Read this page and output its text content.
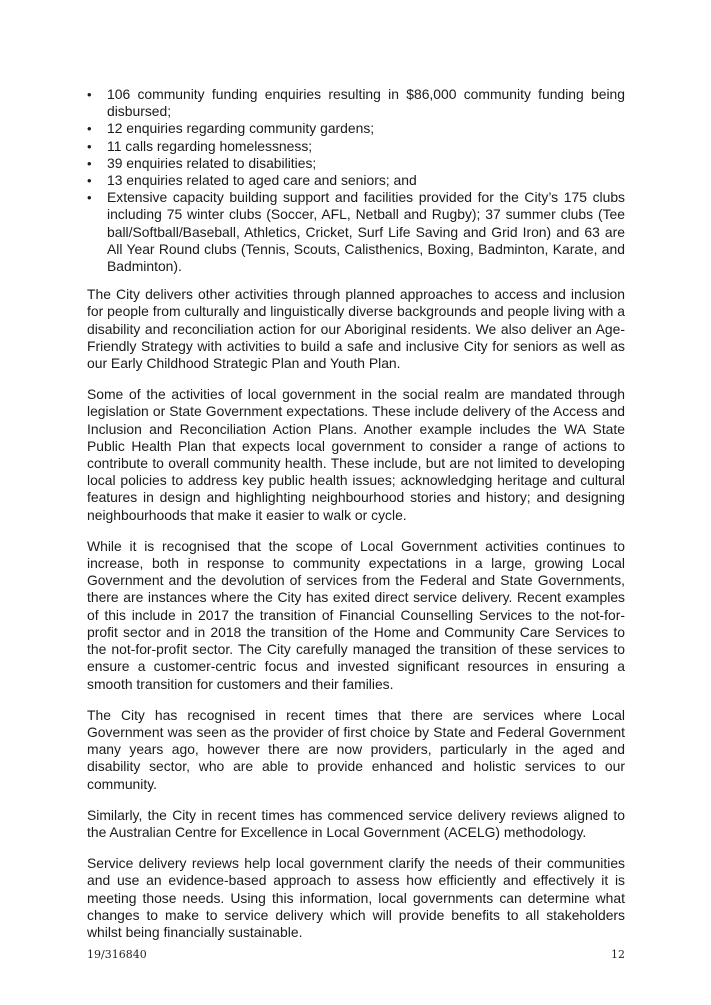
• 106 community funding enquiries resulting in $86,000 community funding being disbursed;
• 12 enquiries regarding community gardens;
• 11 calls regarding homelessness;
• 39 enquiries related to disabilities;
• 13 enquiries related to aged care and seniors; and
• Extensive capacity building support and facilities provided for the City’s 175 clubs including 75 winter clubs (Soccer, AFL, Netball and Rugby); 37 summer clubs (Tee ball/Softball/Baseball, Athletics, Cricket, Surf Life Saving and Grid Iron) and 63 are All Year Round clubs (Tennis, Scouts, Calisthenics, Boxing, Badminton, Karate, and Badminton).

The City delivers other activities through planned approaches to access and inclusion for people from culturally and linguistically diverse backgrounds and people living with a disability and reconciliation action for our Aboriginal residents. We also deliver an Age-Friendly Strategy with activities to build a safe and inclusive City for seniors as well as our Early Childhood Strategic Plan and Youth Plan.

Some of the activities of local government in the social realm are mandated through legislation or State Government expectations. These include delivery of the Access and Inclusion and Reconciliation Action Plans. Another example includes the WA State Public Health Plan that expects local government to consider a range of actions to contribute to overall community health. These include, but are not limited to developing local policies to address key public health issues; acknowledging heritage and cultural features in design and highlighting neighbourhood stories and history; and designing neighbourhoods that make it easier to walk or cycle.

While it is recognised that the scope of Local Government activities continues to increase, both in response to community expectations in a large, growing Local Government and the devolution of services from the Federal and State Governments, there are instances where the City has exited direct service delivery. Recent examples of this include in 2017 the transition of Financial Counselling Services to the not-for-profit sector and in 2018 the transition of the Home and Community Care Services to the not-for-profit sector. The City carefully managed the transition of these services to ensure a customer-centric focus and invested significant resources in ensuring a smooth transition for customers and their families.

The City has recognised in recent times that there are services where Local Government was seen as the provider of first choice by State and Federal Government many years ago, however there are now providers, particularly in the aged and disability sector, who are able to provide enhanced and holistic services to our community.

Similarly, the City in recent times has commenced service delivery reviews aligned to the Australian Centre for Excellence in Local Government (ACELG) methodology.

Service delivery reviews help local government clarify the needs of their communities and use an evidence-based approach to assess how efficiently and effectively it is meeting those needs. Using this information, local governments can determine what changes to make to service delivery which will provide benefits to all stakeholders whilst being financially sustainable.

19/316840	12
